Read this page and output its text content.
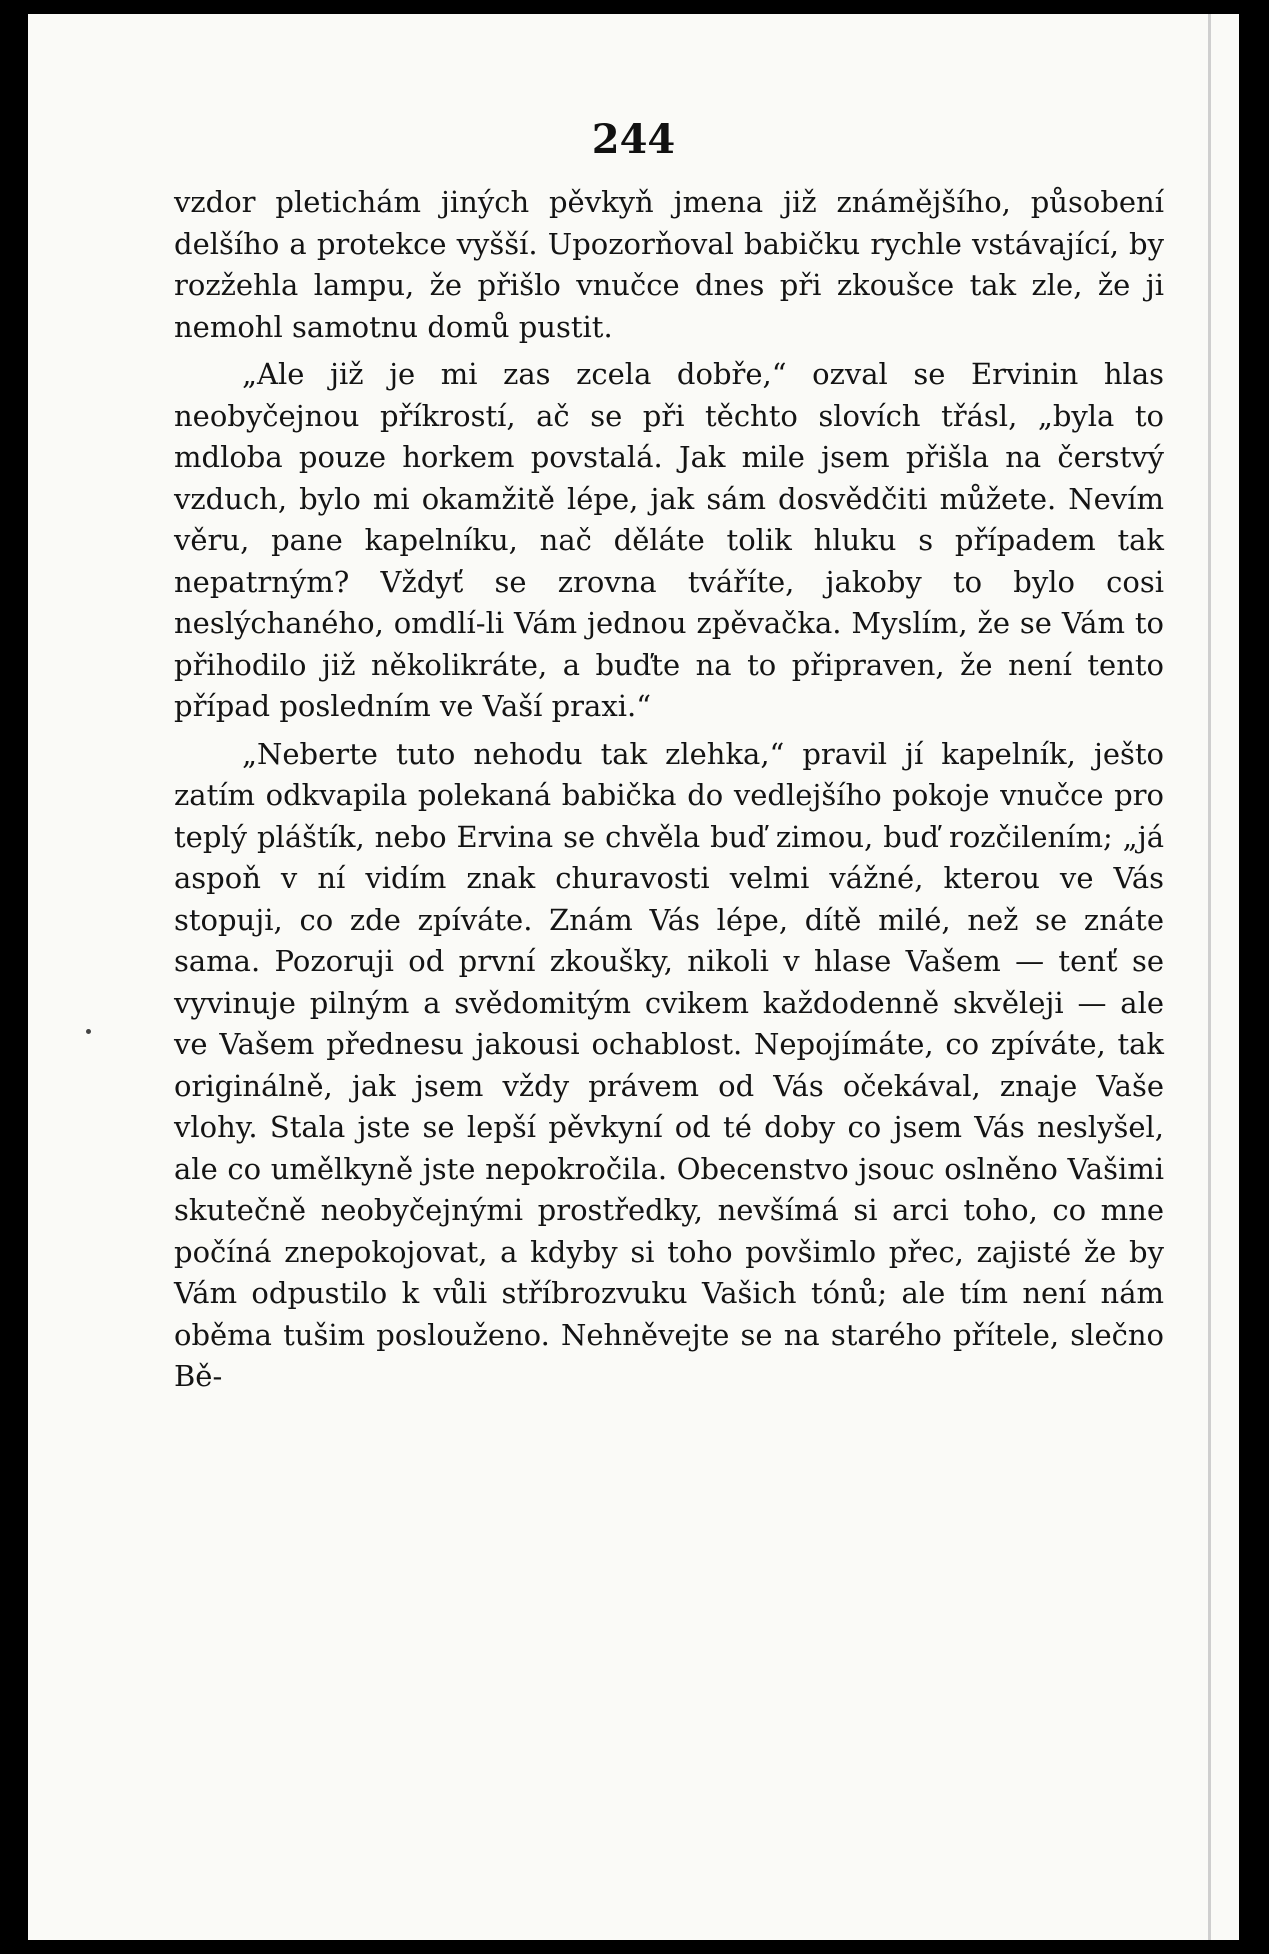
244

vzdor pletichám jiných pěvkyň jmena již známějšího, působení delšího a protekce vyšší. Upozorňoval babičku rychle vstávající, by rozžehla lampu, že přišlo vnučce dnes při zkoušce tak zle, že ji nemohl samotnu domů pustit.

„Ale již je mi zas zcela dobře,“ ozval se Ervinin hlas neobyčejnou příkrostí, ač se při těchto slovích třásl, „byla to mdloba pouze horkem povstalá. Jak mile jsem přišla na čerstvý vzduch, bylo mi okamžitě lépe, jak sám dosvědčiti můžete. Nevím věru, pane kapelníku, nač děláte tolik hluku s případem tak nepatrným? Vždyť se zrovna tváříte, jakoby to bylo cosi neslýchaného, omdlí-li Vám jednou zpěvačka. Myslím, že se Vám to přihodilo již několikráte, a buďte na to připraven, že není tento případ posledním ve Vaší praxi.“

„Neberte tuto nehodu tak zlehka,“ pravil jí kapelník, ješto zatím odkvapila polekaná babička do vedlejšího pokoje vnučce pro teplý pláštík, nebo Ervina se chvěla buď zimou, buď rozčilením; „já aspoň v ní vidím znak churavosti velmi vážné, kterou ve Vás stopuji, co zde zpíváte. Znám Vás lépe, dítě milé, než se znáte sama. Pozoruji od první zkoušky, nikoli v hlase Vašem — tenť se vyvinuje pilným a svědomitým cvikem každodenně skvěleji — ale ve Vašem přednesu jakousi ochablost. Nepojímáte, co zpíváte, tak originálně, jak jsem vždy právem od Vás očekával, znaje Vaše vlohy. Stala jste se lepší pěvkyní od té doby co jsem Vás neslyšel, ale co umělkyně jste nepokročila. Obecenstvo jsouc oslněno Vašimi skutečně neobyčejnými prostředky, nevšímá si arci toho, co mne počíná znepokojovat, a kdyby si toho povšimlo přec, zajisté že by Vám odpustilo k vůli stříbrozvuku Vašich tónů; ale tím není nám oběma tušim poslouženo. Nehněvejte se na starého přítele, slečno Bě-
